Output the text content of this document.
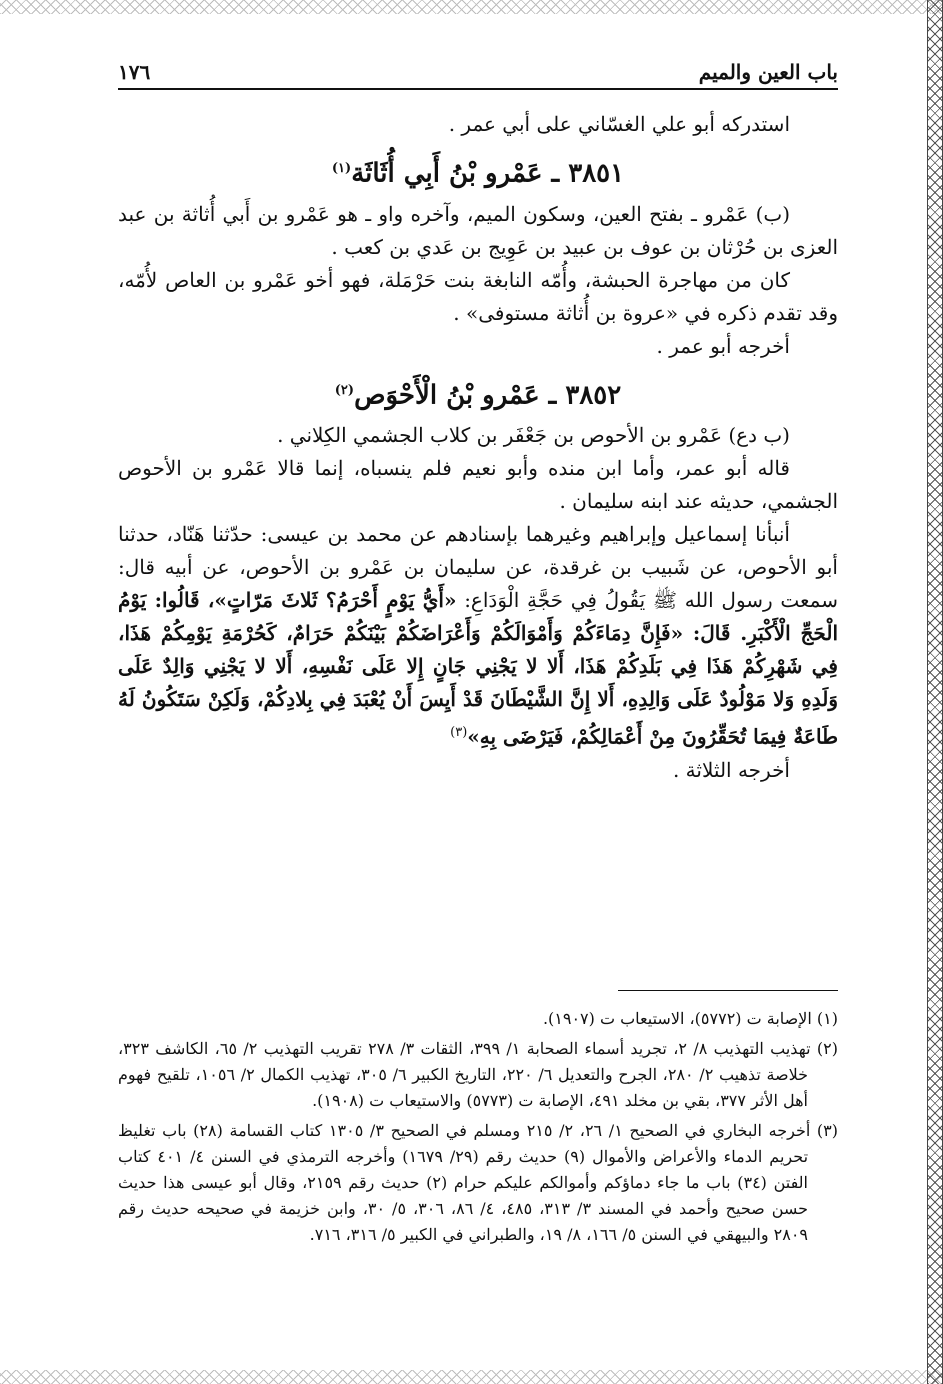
باب العين والميم
١٧٦

استدركه أبو علي الغسّاني على أبي عمر .

٣٨٥١ ـ عَمْرو بْنُ أَبِي أُثَاثَة$^{(١)}$

(ب) عَمْرو ـ بفتح العين، وسكون الميم، وآخره واو ـ هو عَمْرو بن أَبي أُثاثة بن عبد العزى بن حُرْثان بن عوف بن عبيد بن عَوِيج بن عَدي بن كعب .

كان من مهاجرة الحبشة، وأُمّه النابغة بنت حَرْمَلة، فهو أخو عَمْرو بن العاص لأُمّه، وقد تقدم ذكره في «عروة بن أُثاثة مستوفى» .

أخرجه أبو عمر .

٣٨٥٢ ـ عَمْرو بْنُ الْأَحْوَص$^{(٢)}$

(ب دع) عَمْرو بن الأحوص بن جَعْفَر بن كلاب الجشمي الكِلاني .

قاله أبو عمر، وأما ابن منده وأبو نعيم فلم ينسباه، إنما قالا عَمْرو بن الأحوص الجشمي، حديثه عند ابنه سليمان .

أنبأنا إسماعيل وإبراهيم وغيرهما بإسنادهم عن محمد بن عيسى: حدّثنا هَنّاد، حدثنا أبو الأحوص، عن شَبيب بن غرقدة، عن سليمان بن عَمْرو بن الأحوص، عن أبيه قال: سمعت رسول الله ﷺ يَقُولُ فِي حَجَّةِ الْوَدَاعِ: «أَيُّ يَوْمٍ أَحْرَمُ؟ ثَلاثَ مَرّاتٍ»، قَالُوا: يَوْمُ الْحَجِّ الْأَكْبَرِ. قَالَ: «فَإِنَّ دِمَاءَكُمْ وَأَمْوَالَكُمْ وَأَعْرَاضَكُمْ بَيْنَكُمْ حَرَامٌ، كَحُرْمَةِ يَوْمِكُمْ هَذَا، فِي شَهْرِكُمْ هَذَا فِي بَلَدِكُمْ هَذَا، أَلا لا يَجْنِي جَانٍ إِلا عَلَى نَفْسِهِ، أَلا لا يَجْنِي وَالِدٌ عَلَى وَلَدِهِ وَلا مَوْلُودٌ عَلَى وَالِدِهِ، أَلا إِنَّ الشَّيْطَانَ قَدْ أَيِسَ أَنْ يُعْبَدَ فِي بِلادِكُمْ، وَلَكِنْ سَتَكُونُ لَهُ طَاعَةٌ فِيمَا تُحَقِّرُونَ مِنْ أَعْمَالِكُمْ، فَيَرْضَى بِهِ»$^{(٣)}$

أخرجه الثلاثة .

(١) الإصابة ت (٥٧٧٢)، الاستيعاب ت (١٩٠٧).

(٢) تهذيب التهذيب ٨/ ٢، تجريد أسماء الصحابة ١/ ٣٩٩، الثقات ٣/ ٢٧٨ تقريب التهذيب ٢/ ٦٥، الكاشف ٣٢٣، خلاصة تذهيب ٢/ ٢٨٠، الجرح والتعديل ٦/ ٢٢٠، التاريخ الكبير ٦/ ٣٠٥، تهذيب الكمال ٢/ ١٠٥٦، تلقيح فهوم أهل الأثر ٣٧٧، بقي بن مخلد ٤٩١، الإصابة ت (٥٧٧٣) والاستيعاب ت (١٩٠٨).

(٣) أخرجه البخاري في الصحيح ١/ ٢٦، ٢/ ٢١٥ ومسلم في الصحيح ٣/ ١٣٠٥ كتاب القسامة (٢٨) باب تغليظ تحريم الدماء والأعراض والأموال (٩) حديث رقم (٢٩/ ١٦٧٩) وأخرجه الترمذي في السنن ٤/ ٤٠١ كتاب الفتن (٣٤) باب ما جاء دماؤكم وأموالكم عليكم حرام (٢) حديث رقم ٢١٥٩، وقال أبو عيسى هذا حديث حسن صحيح وأحمد في المسند ٣/ ٣١٣، ٤٨٥، ٤/ ٨٦، ٣٠٦، ٥/ ٣٠، وابن خزيمة في صحيحه حديث رقم ٢٨٠٩ والبيهقي في السنن ٥/ ١٦٦، ٨/ ١٩، والطبراني في الكبير ٥/ ٣١٦، ٧١٦.
